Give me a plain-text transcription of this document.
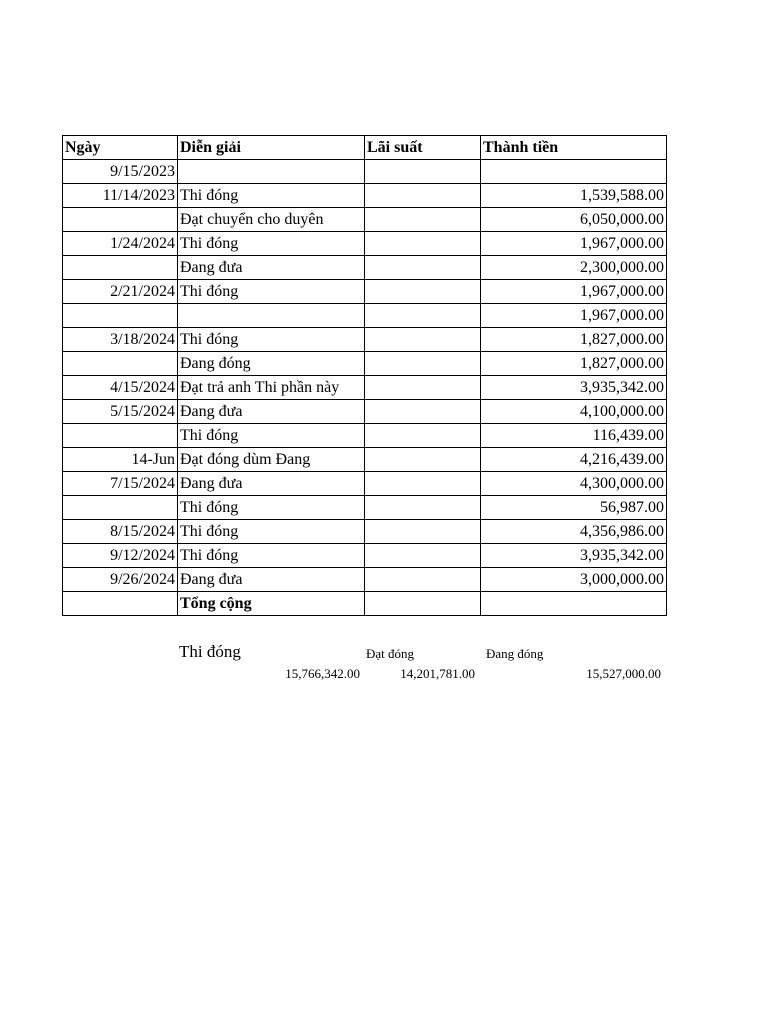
Ngày	Diễn giải	Lãi suất	Thành tiền
9/15/2023			
11/14/2023	Thi đóng		1,539,588.00
	Đạt chuyển cho duyên		6,050,000.00
1/24/2024	Thi đóng		1,967,000.00
	Đang đưa		2,300,000.00
2/21/2024	Thi đóng		1,967,000.00
			1,967,000.00
3/18/2024	Thi đóng		1,827,000.00
	Đang đóng		1,827,000.00
4/15/2024	Đạt trả anh Thi phần này		3,935,342.00
5/15/2024	Đang đưa		4,100,000.00
	Thi đóng		116,439.00
14-Jun	Đạt đóng dùm Đang		4,216,439.00
7/15/2024	Đang đưa		4,300,000.00
	Thi đóng		56,987.00
8/15/2024	Thi đóng		4,356,986.00
9/12/2024	Thi đóng		3,935,342.00
9/26/2024	Đang đưa		3,000,000.00
	Tổng cộng		
Thi đóng	Đạt đóng	Đang đóng
15,766,342.00	14,201,781.00	15,527,000.00
